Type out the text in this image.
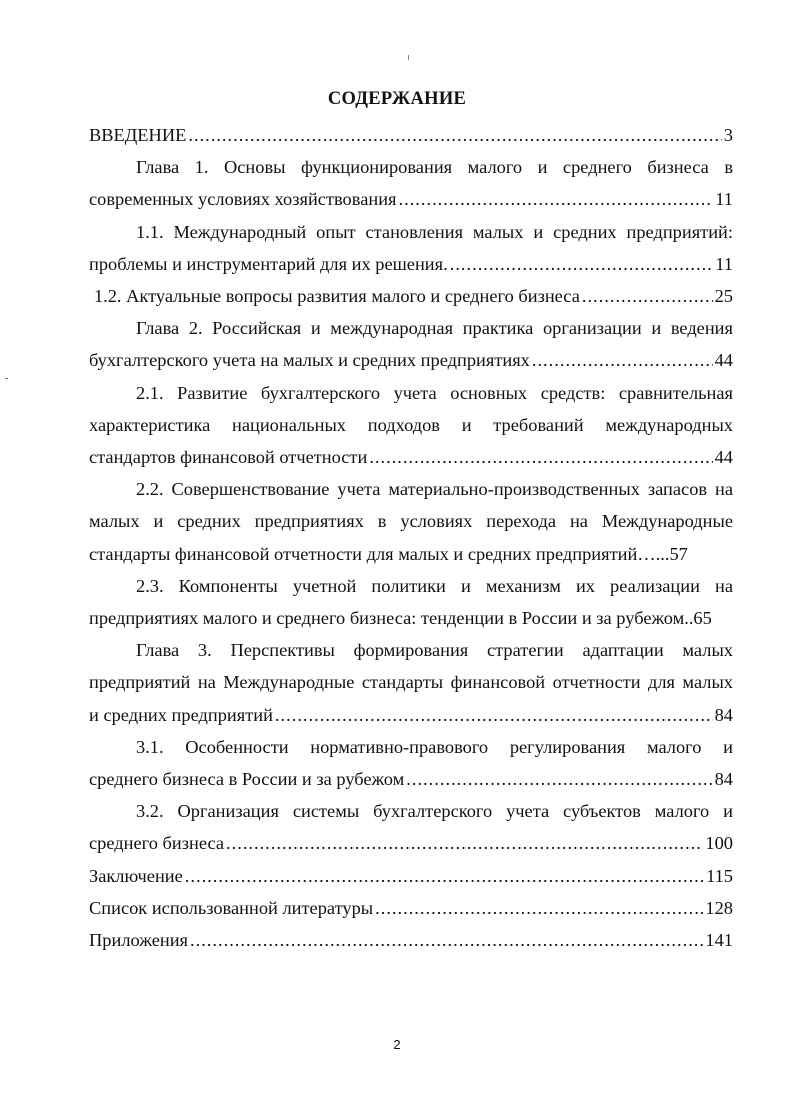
СОДЕРЖАНИЕ
ВВЕДЕНИЕ .....	3
Глава 1. Основы функционирования малого и среднего бизнеса в
современных условиях хозяйствования .....	11
1.1. Международный опыт становления малых и средних предприятий:
проблемы и инструментарий для их решения. .....	11
1.2. Актуальные вопросы развития малого и среднего бизнеса .....	25
Глава 2. Российская и международная практика организации и ведения
бухгалтерского учета на малых и средних предприятиях .....	44
2.1. Развитие бухгалтерского учета основных средств: сравнительная
характеристика национальных подходов и требований международных
стандартов финансовой отчетности .....	44
2.2. Совершенствование учета материально-производственных запасов на
малых и средних предприятиях в условиях перехода на Международные
стандарты финансовой отчетности для малых и средних предприятий…...57
2.3. Компоненты учетной политики и механизм их реализации на
предприятиях малого и среднего бизнеса: тенденции в России и за рубежом..65
Глава 3. Перспективы формирования стратегии адаптации малых
предприятий на Международные стандарты финансовой отчетности для малых
и средних предприятий .....	84
3.1. Особенности нормативно-правового регулирования малого и
среднего бизнеса в России и за рубежом .....	84
3.2. Организация системы бухгалтерского учета субъектов малого и
среднего бизнеса .....	100
Заключение .....	115
Список использованной литературы .....	128
Приложения .....	141
2
